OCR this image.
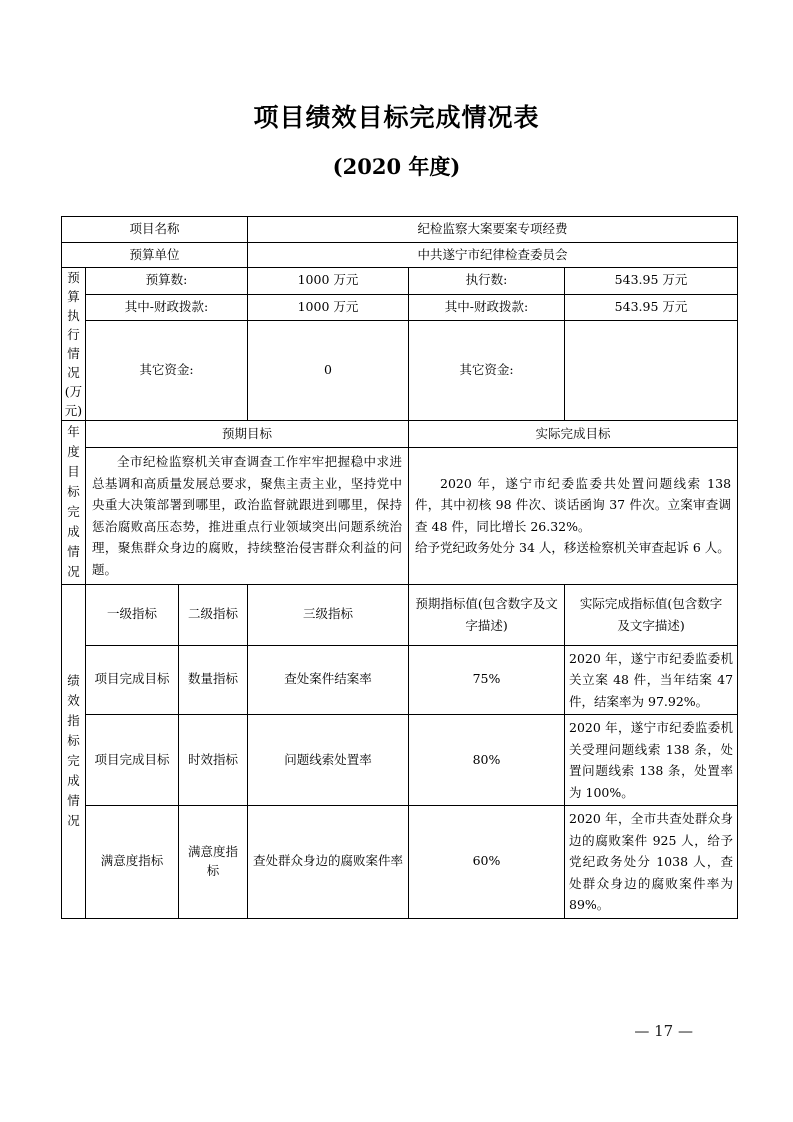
项目绩效目标完成情况表
(2020 年度)
项目名称			纪检监察大案要案专项经费		
预算单位			中共遂宁市纪律检查委员会		
预算执行情况(万元)	预算数:		1000 万元	执行数:	543.95 万元
	其中-财政拨款:		1000 万元	其中-财政拨款:	543.95 万元
	其它资金:		0	其它资金:	
年度目标完成情况	预期目标			实际完成目标	

	全市纪检监察机关审查调查工作牢牢把握稳中求进总基调和高质量发展总要求，聚焦主责主业，坚持党中央重大决策部署到哪里，政治监督就跟进到哪里，保持惩治腐败高压态势，推进重点行业领域突出问题系统治理，聚焦群众身边的腐败，持续整治侵害群众利益的问题。			2020 年，遂宁市纪委监委共处置问题线索 138 件，其中初核 98 件次、谈话函询 37 件次。立案审查调查 48 件，同比增长 26.32%。

给予党纪政务处分 34 人，移送检察机关审查起诉 6 人。	

绩效指标完成情况	一级指标	二级指标	三级指标	预期指标值(包含数字及文字描述)	实际完成指标值(包含数字及文字描述)
	项目完成目标	数量指标	查处案件结案率	75%	2020 年，遂宁市纪委监委机关立案 48 件，当年结案 47 件，结案率为 97.92%。
	项目完成目标	时效指标	问题线索处置率	80%	2020 年，遂宁市纪委监委机关受理问题线索 138 条，处置问题线索 138 条，处置率为 100%。
	满意度指标	满意度指标	查处群众身边的腐败案件率	60%	2020 年，全市共查处群众身边的腐败案件 925 人，给予党纪政务处分 1038 人，查处群众身边的腐败案件率为 89%。
— 17 —
